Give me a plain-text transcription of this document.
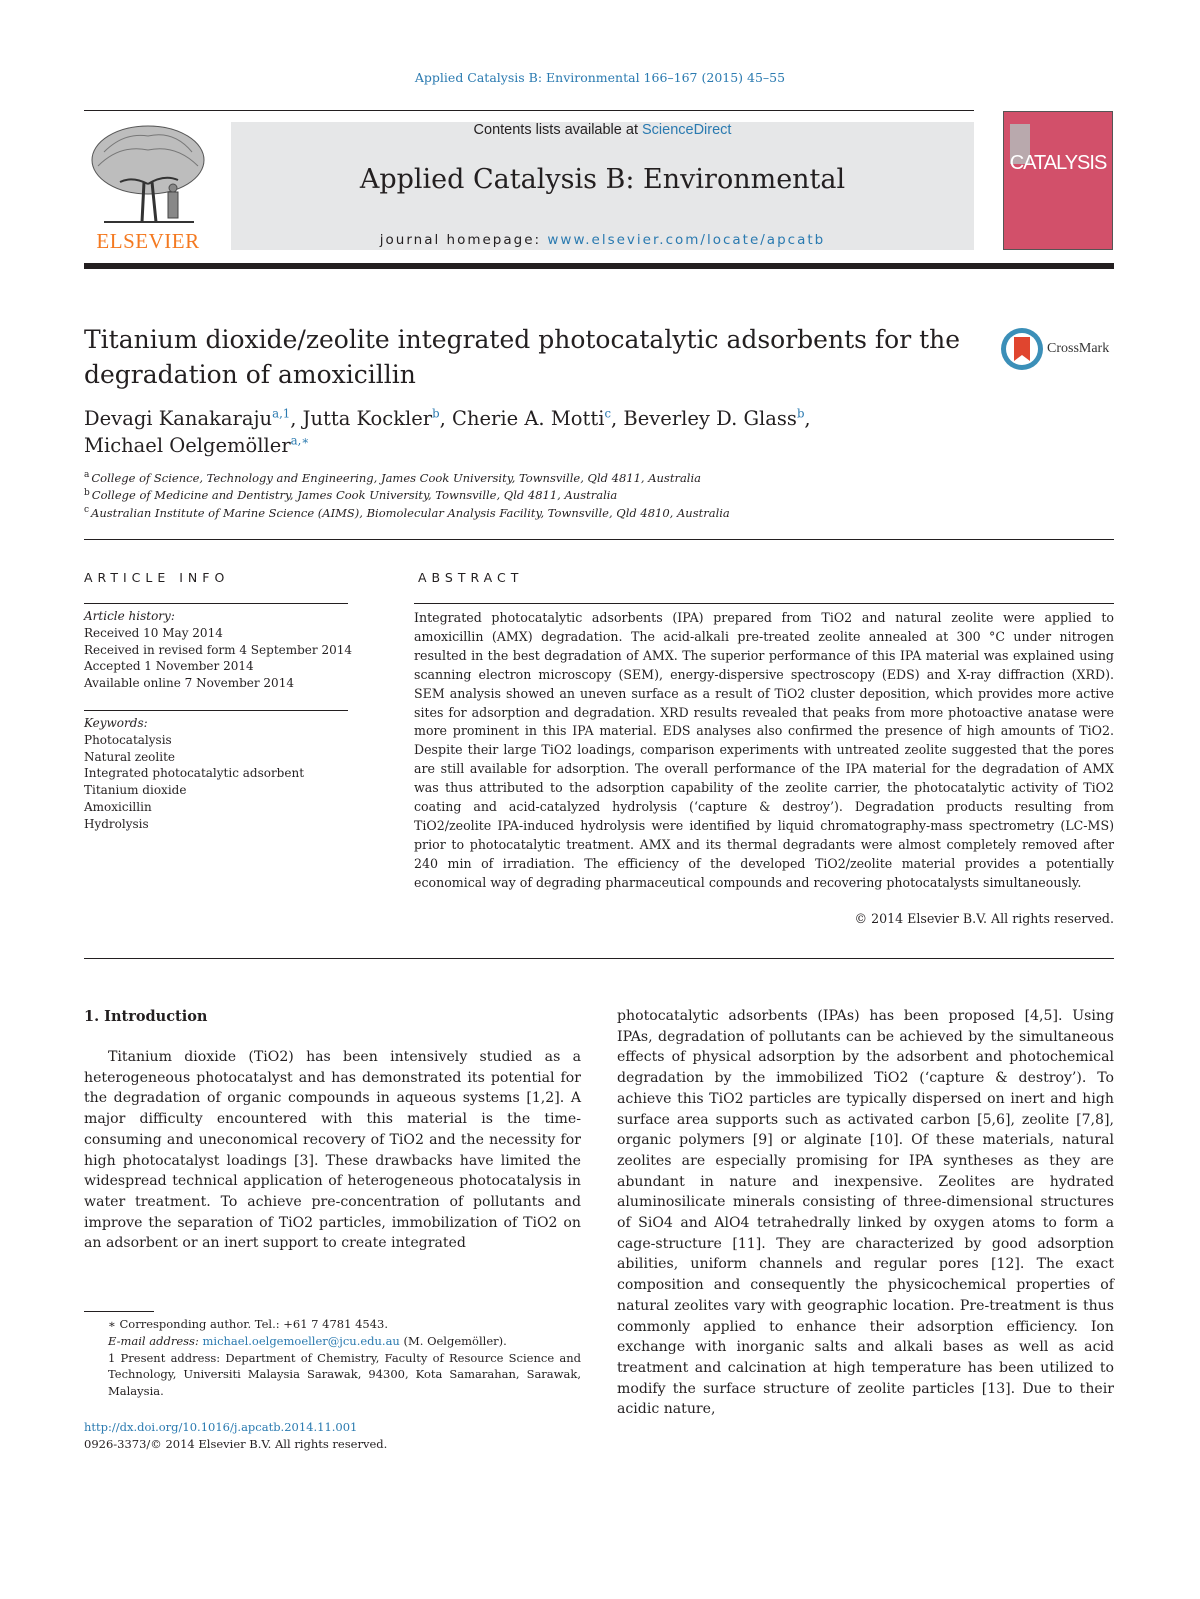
Applied Catalysis B: Environmental 166–167 (2015) 45–55
ELSEVIER
Contents lists available at ScienceDirect
Applied Catalysis B: Environmental
journal homepage: www.elsevier.com/locate/apcatb
CATALYSIS
Titanium dioxide/zeolite integrated photocatalytic adsorbents for the degradation of amoxicillin
CrossMark
Devagi Kanakaraju$^{a,1}$, Jutta Kockler$^b$, Cherie A. Motti$^c$, Beverley D. Glass$^b$,
Michael Oelgemöller$^{a,∗}$
$^a$ College of Science, Technology and Engineering, James Cook University, Townsville, Qld 4811, Australia
$^b$ College of Medicine and Dentistry, James Cook University, Townsville, Qld 4811, Australia
$^c$ Australian Institute of Marine Science (AIMS), Biomolecular Analysis Facility, Townsville, Qld 4810, Australia
ARTICLE INFO
Article history:
Received 10 May 2014
Received in revised form 4 September 2014
Accepted 1 November 2014
Available online 7 November 2014
Keywords:
Photocatalysis
Natural zeolite
Integrated photocatalytic adsorbent
Titanium dioxide
Amoxicillin
Hydrolysis
ABSTRACT
Integrated photocatalytic adsorbents (IPA) prepared from TiO2 and natural zeolite were applied to amoxicillin (AMX) degradation. The acid-alkali pre-treated zeolite annealed at 300 °C under nitrogen resulted in the best degradation of AMX. The superior performance of this IPA material was explained using scanning electron microscopy (SEM), energy-dispersive spectroscopy (EDS) and X-ray diffraction (XRD). SEM analysis showed an uneven surface as a result of TiO2 cluster deposition, which provides more active sites for adsorption and degradation. XRD results revealed that peaks from more photoactive anatase were more prominent in this IPA material. EDS analyses also confirmed the presence of high amounts of TiO2. Despite their large TiO2 loadings, comparison experiments with untreated zeolite suggested that the pores are still available for adsorption. The overall performance of the IPA material for the degradation of AMX was thus attributed to the adsorption capability of the zeolite carrier, the photocatalytic activity of TiO2 coating and acid-catalyzed hydrolysis (‘capture & destroy’). Degradation products resulting from TiO2/zeolite IPA-induced hydrolysis were identified by liquid chromatography-mass spectrometry (LC-MS) prior to photocatalytic treatment. AMX and its thermal degradants were almost completely removed after 240 min of irradiation. The efficiency of the developed TiO2/zeolite material provides a potentially economical way of degrading pharmaceutical compounds and recovering photocatalysts simultaneously.
© 2014 Elsevier B.V. All rights reserved.
1. Introduction
Titanium dioxide (TiO2) has been intensively studied as a heterogeneous photocatalyst and has demonstrated its potential for the degradation of organic compounds in aqueous systems [1,2]. A major difficulty encountered with this material is the time-consuming and uneconomical recovery of TiO2 and the necessity for high photocatalyst loadings [3]. These drawbacks have limited the widespread technical application of heterogeneous photocatalysis in water treatment. To achieve pre-concentration of pollutants and improve the separation of TiO2 particles, immobilization of TiO2 on an adsorbent or an inert support to create integrated
photocatalytic adsorbents (IPAs) has been proposed [4,5]. Using IPAs, degradation of pollutants can be achieved by the simultaneous effects of physical adsorption by the adsorbent and photochemical degradation by the immobilized TiO2 (‘capture & destroy’). To achieve this TiO2 particles are typically dispersed on inert and high surface area supports such as activated carbon [5,6], zeolite [7,8], organic polymers [9] or alginate [10]. Of these materials, natural zeolites are especially promising for IPA syntheses as they are abundant in nature and inexpensive. Zeolites are hydrated aluminosilicate minerals consisting of three-dimensional structures of SiO4 and AlO4 tetrahedrally linked by oxygen atoms to form a cage-structure [11]. They are characterized by good adsorption abilities, uniform channels and regular pores [12]. The exact composition and consequently the physicochemical properties of natural zeolites vary with geographic location. Pre-treatment is thus commonly applied to enhance their adsorption efficiency. Ion exchange with inorganic salts and alkali bases as well as acid treatment and calcination at high temperature has been utilized to modify the surface structure of zeolite particles [13]. Due to their acidic nature,

∗ Corresponding author. Tel.: +61 7 4781 4543.

E-mail address: michael.oelgemoeller@jcu.edu.au (M. Oelgemöller).

1 Present address: Department of Chemistry, Faculty of Resource Science and Technology, Universiti Malaysia Sarawak, 94300, Kota Samarahan, Sarawak, Malaysia.

http://dx.doi.org/10.1016/j.apcatb.2014.11.001
0926-3373/© 2014 Elsevier B.V. All rights reserved.
